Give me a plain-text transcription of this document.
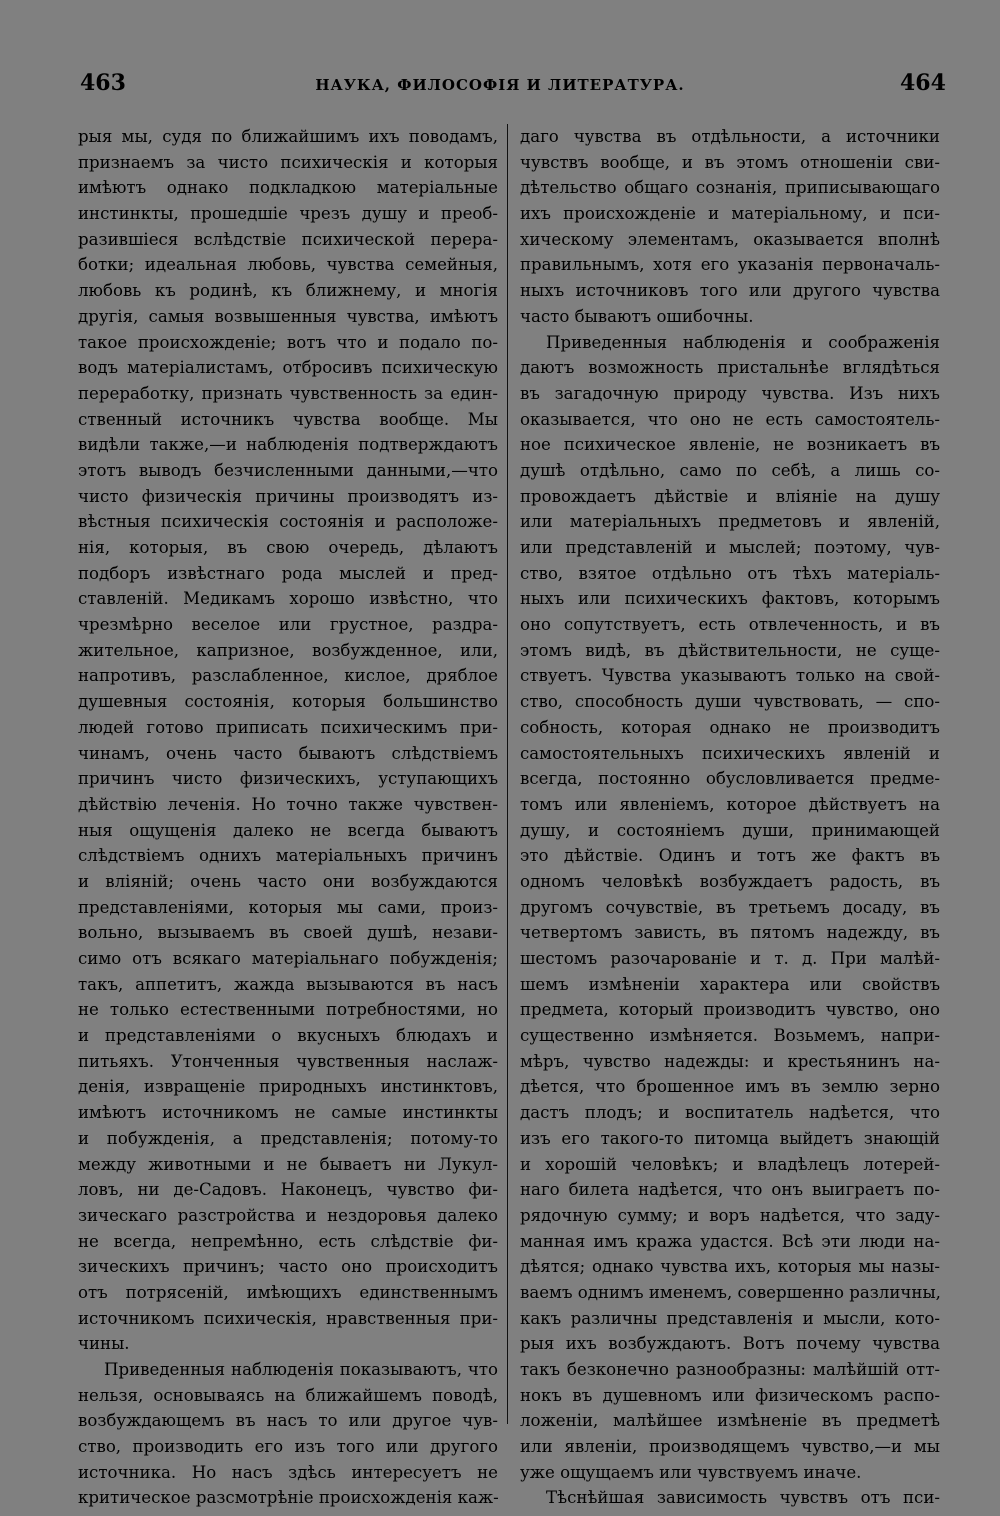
463	НАУКА, ФИЛОСОФІЯ И ЛИТЕРАТУРА.	464
рыя мы, судя по ближайшимъ ихъ поводамъ,
признаемъ за чисто психическія и которыя
имѣютъ однако подкладкою матеріальные
инстинкты, прошедшіе чрезъ душу и преоб-
разившіеся вслѣдствіе психической перера-
ботки; идеальная любовь, чувства семейныя,
любовь къ родинѣ, къ ближнему, и многія
другія, самыя возвышенныя чувства, имѣютъ
такое происхожденіе; вотъ что и подало по-
водъ матеріалистамъ, отбросивъ психическую
переработку, признать чувственность за един-
ственный источникъ чувства вообще. Мы
видѣли также,—и наблюденія подтверждаютъ
этотъ выводъ безчисленными данными,—что
чисто физическія причины производятъ из-
вѣстныя психическія состоянія и расположе-
нія, которыя, въ свою очередь, дѣлаютъ
подборъ извѣстнаго рода мыслей и пред-
ставленій. Медикамъ хорошо извѣстно, что
чрезмѣрно веселое или грустное, раздра-
жительное, капризное, возбужденное, или,
напротивъ, разслабленное, кислое, дряблое
душевныя состоянія, которыя большинство
людей готово приписать психическимъ при-
чинамъ, очень часто бываютъ слѣдствіемъ
причинъ чисто физическихъ, уступающихъ
дѣйствію леченія. Но точно также чувствен-
ныя ощущенія далеко не всегда бываютъ
слѣдствіемъ однихъ матеріальныхъ причинъ
и вліяній; очень часто они возбуждаются
представленіями, которыя мы сами, произ-
вольно, вызываемъ въ своей душѣ, незави-
симо отъ всякаго матеріальнаго побужденія;
такъ, аппетитъ, жажда вызываются въ насъ
не только естественными потребностями, но
и представленіями о вкусныхъ блюдахъ и
питьяхъ. Утонченныя чувственныя наслаж-
денія, извращеніе природныхъ инстинктовъ,
имѣютъ источникомъ не самые инстинкты
и побужденія, а представленія; потому-то
между животными и не бываетъ ни Лукул-
ловъ, ни де-Садовъ. Наконецъ, чувство фи-
зическаго разстройства и нездоровья далеко
не всегда, непремѣнно, есть слѣдствіе фи-
зическихъ причинъ; часто оно происходитъ
отъ потрясеній, имѣющихъ единственнымъ
источникомъ психическія, нравственныя при-
чины.
Приведенныя наблюденія показываютъ, что
нельзя, основываясь на ближайшемъ поводѣ,
возбуждающемъ въ насъ то или другое чув-
ство, производить его изъ того или другого
источника. Но насъ здѣсь интересуетъ не
критическое разсмотрѣніе происхожденія каж-
даго чувства въ отдѣльности, а источники
чувствъ вообще, и въ этомъ отношеніи сви-
дѣтельство общаго сознанія, приписывающаго
ихъ происхожденіе и матеріальному, и пси-
хическому элементамъ, оказывается вполнѣ
правильнымъ, хотя его указанія первоначаль-
ныхъ источниковъ того или другого чувства
часто бываютъ ошибочны.
Приведенныя наблюденія и соображенія
даютъ возможность пристальнѣе вглядѣться
въ загадочную природу чувства. Изъ нихъ
оказывается, что оно не есть самостоятель-
ное психическое явленіе, не возникаетъ въ
душѣ отдѣльно, само по себѣ, а лишь со-
провождаетъ дѣйствіе и вліяніе на душу
или матеріальныхъ предметовъ и явленій,
или представленій и мыслей; поэтому, чув-
ство, взятое отдѣльно отъ тѣхъ матеріаль-
ныхъ или психическихъ фактовъ, которымъ
оно сопутствуетъ, есть отвлеченность, и въ
этомъ видѣ, въ дѣйствительности, не суще-
ствуетъ. Чувства указываютъ только на свой-
ство, способность души чувствовать, — спо-
собность, которая однако не производитъ
самостоятельныхъ психическихъ явленій и
всегда, постоянно обусловливается предме-
томъ или явленіемъ, которое дѣйствуетъ на
душу, и состояніемъ души, принимающей
это дѣйствіе. Одинъ и тотъ же фактъ въ
одномъ человѣкѣ возбуждаетъ радость, въ
другомъ сочувствіе, въ третьемъ досаду, въ
четвертомъ зависть, въ пятомъ надежду, въ
шестомъ разочарованіе и т. д. При малѣй-
шемъ измѣненіи характера или свойствъ
предмета, который производитъ чувство, оно
существенно измѣняется. Возьмемъ, напри-
мѣръ, чувство надежды: и крестьянинъ на-
дѣется, что брошенное имъ въ землю зерно
дастъ плодъ; и воспитатель надѣется, что
изъ его такого-то питомца выйдетъ знающій
и хорошій человѣкъ; и владѣлецъ лотерей-
наго билета надѣется, что онъ выиграетъ по-
рядочную сумму; и воръ надѣется, что заду-
манная имъ кража удастся. Всѣ эти люди на-
дѣятся; однако чувства ихъ, которыя мы назы-
ваемъ однимъ именемъ, совершенно различны,
какъ различны представленія и мысли, кото-
рыя ихъ возбуждаютъ. Вотъ почему чувства
такъ безконечно разнообразны: малѣйшій отт-
нокъ въ душевномъ или физическомъ распо-
ложеніи, малѣйшее измѣненіе въ предметѣ
или явленіи, производящемъ чувство,—и мы
уже ощущаемъ или чувствуемъ иначе.
Тѣснѣйшая зависимость чувствъ отъ пси-
